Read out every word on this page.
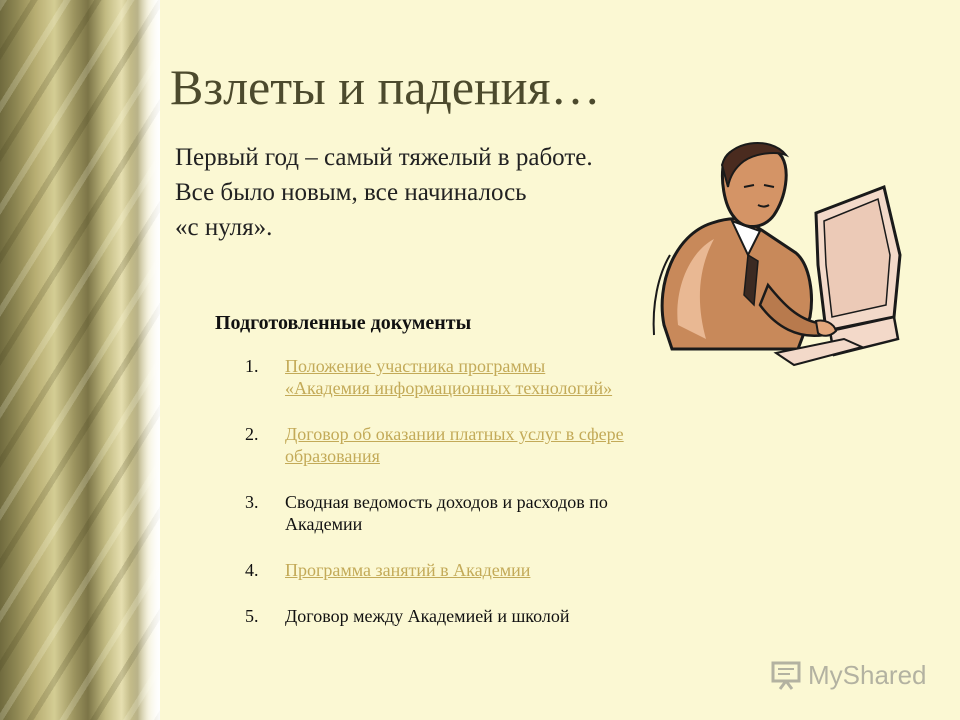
Взлеты и падения…
Первый год – самый тяжелый в работе.
Все было новым, все начиналось
«с нуля».
Подготовленные документы
1. Положение участника программы
«Академия информационных технологий»
2. Договор об оказании платных услуг в сфере
образования
3. Сводная ведомость доходов и расходов по
Академии
4. Программа занятий в Академии
5. Договор между Академией и школой
MyShared
